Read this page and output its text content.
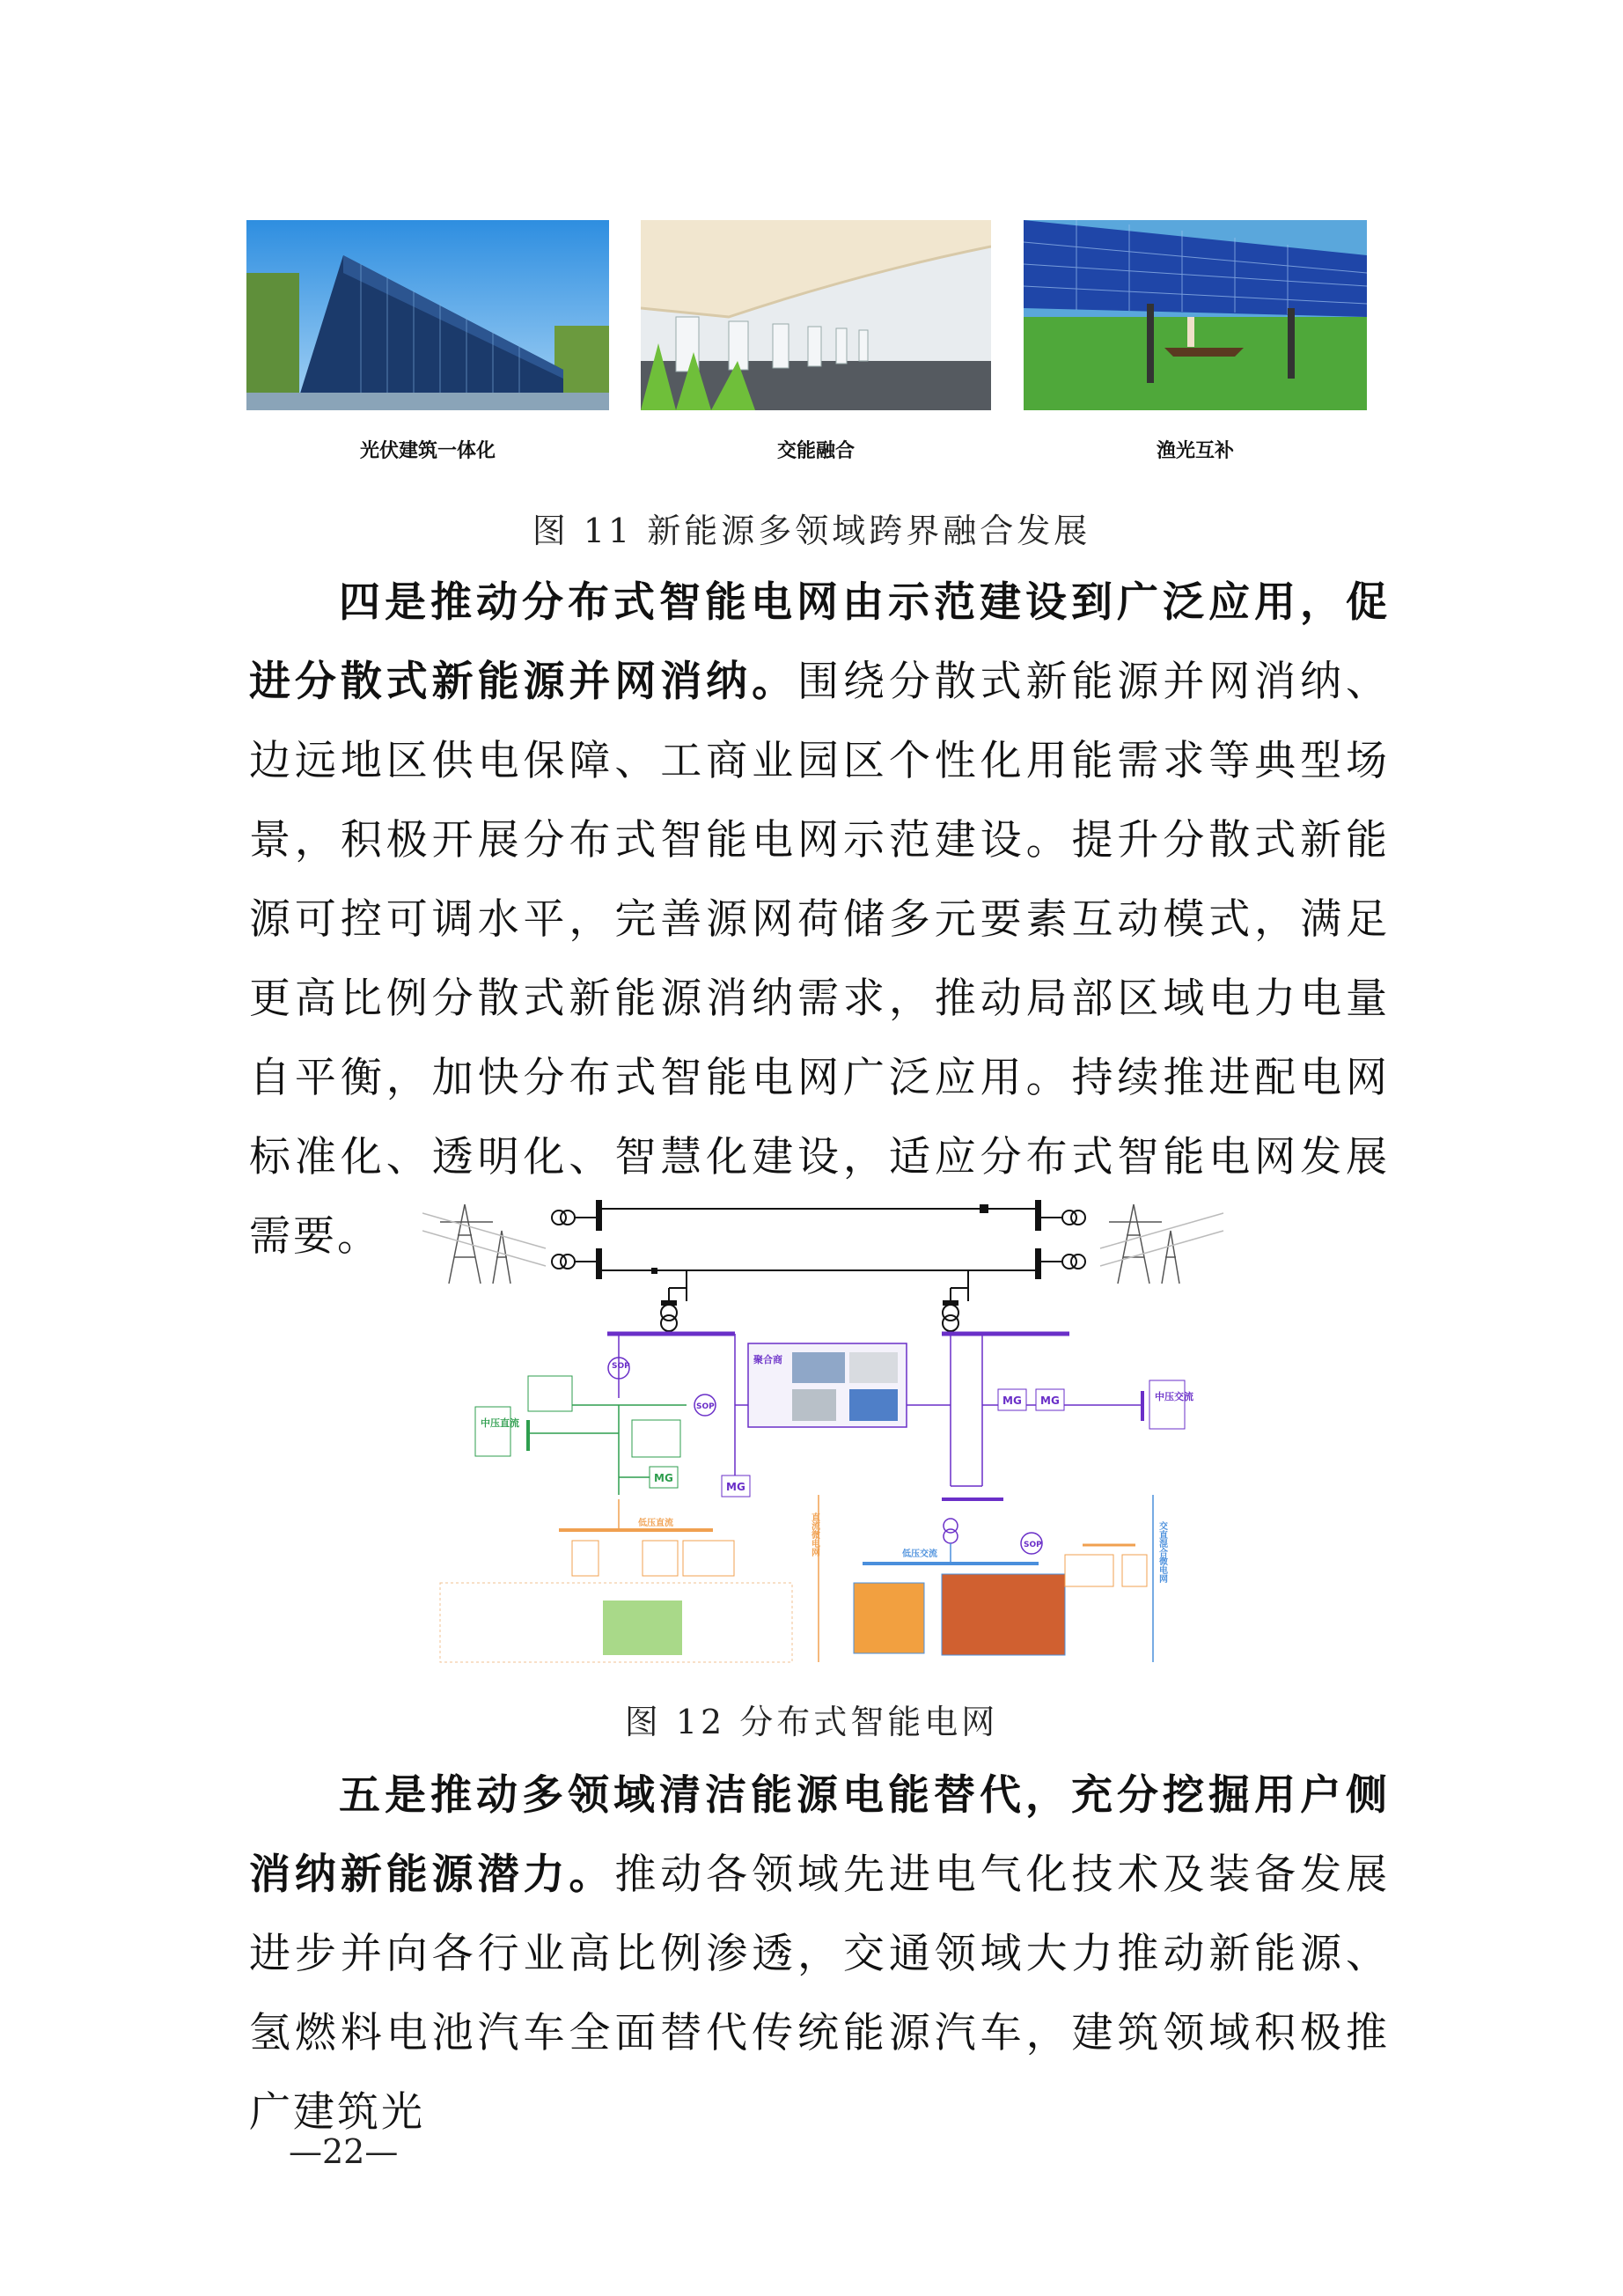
光伏建筑一体化	交能融合	渔光互补
图 11 新能源多领域跨界融合发展
四是推动分布式智能电网由示范建设到广泛应用，促进分散式新能源并网消纳。围绕分散式新能源并网消纳、边远地区供电保障、工商业园区个性化用能需求等典型场景，积极开展分布式智能电网示范建设。提升分散式新能源可控可调水平，完善源网荷储多元要素互动模式，满足更高比例分散式新能源消纳需求，推动局部区域电力电量自平衡，加快分布式智能电网广泛应用。持续推进配电网标准化、透明化、智慧化建设，适应分布式智能电网发展需要。
SOP
SOP
SOP
聚合商
MG
MG MG	中压交流
中压直流
MG
低压直流	直流微电网	低压交流	交直混合微电网
图 12 分布式智能电网
五是推动多领域清洁能源电能替代，充分挖掘用户侧消纳新能源潜力。推动各领域先进电气化技术及装备发展进步并向各行业高比例渗透，交通领域大力推动新能源、氢燃料电池汽车全面替代传统能源汽车，建筑领域积极推广建筑光
—22—
